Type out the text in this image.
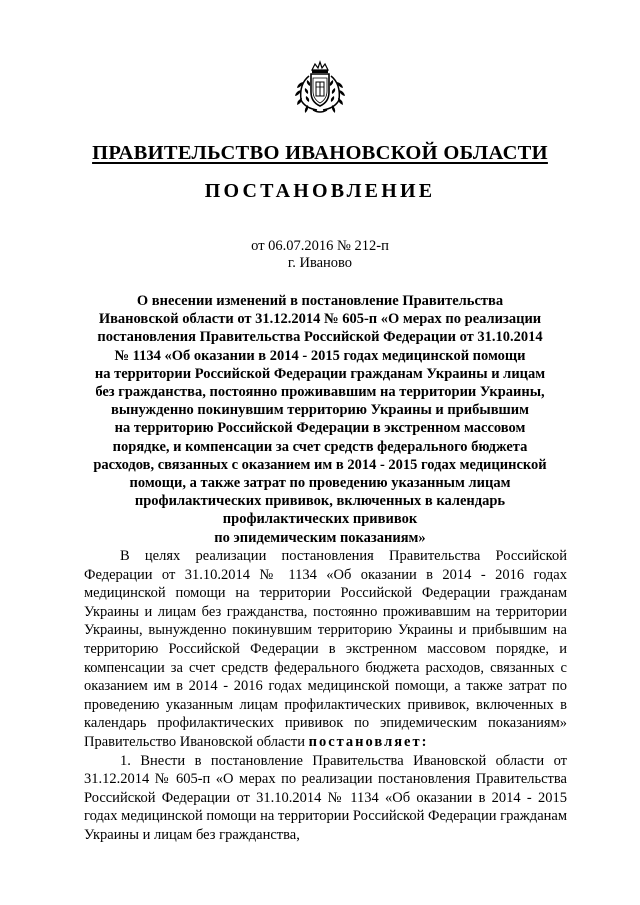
ПРАВИТЕЛЬСТВО ИВАНОВСКОЙ ОБЛАСТИ
ПОСТАНОВЛЕНИЕ
от 06.07.2016 № 212-п
г. Иваново
О внесении изменений в постановление Правительства
Ивановской области от 31.12.2014 № 605-п «О мерах по реализации
постановления Правительства Российской Федерации от 31.10.2014
№ 1134 «Об оказании в 2014 - 2015 годах медицинской помощи
на территории Российской Федерации гражданам Украины и лицам
без гражданства, постоянно проживавшим на территории Украины,
вынужденно покинувшим территорию Украины и прибывшим
на территорию Российской Федерации в экстренном массовом
порядке, и компенсации за счет средств федерального бюджета
расходов, связанных с оказанием им в 2014 - 2015 годах медицинской
помощи, а также затрат по проведению указанным лицам
профилактических прививок, включенных в календарь
профилактических прививок
по эпидемическим показаниям»

В целях реализации постановления Правительства Российской Федерации от 31.10.2014 № 1134 «Об оказании в 2014 - 2016 годах медицинской помощи на территории Российской Федерации гражданам Украины и лицам без гражданства, постоянно проживавшим на территории Украины, вынужденно покинувшим территорию Украины и прибывшим на территорию Российской Федерации в экстренном массовом порядке, и компенсации за счет средств федерального бюджета расходов, связанных с оказанием им в 2014 - 2016 годах медицинской помощи, а также затрат по проведению указанным лицам профилактических прививок, включенных в календарь профилактических прививок по эпидемическим показаниям» Правительство Ивановской области постановляет:

1. Внести в постановление Правительства Ивановской области от 31.12.2014 № 605-п «О мерах по реализации постановления Правительства Российской Федерации от 31.10.2014 № 1134 «Об оказании в 2014 - 2015 годах медицинской помощи на территории Российской Федерации гражданам Украины и лицам без гражданства,
